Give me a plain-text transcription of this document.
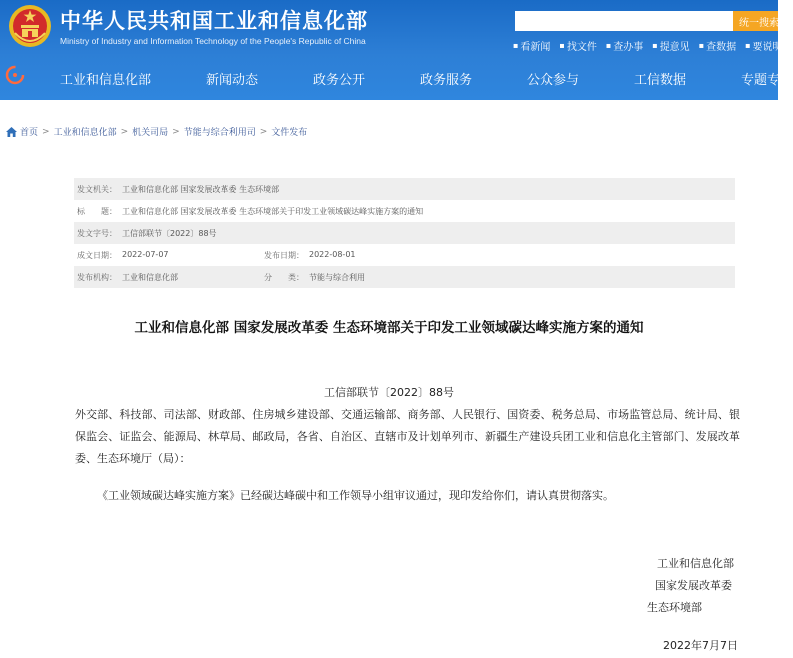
中华人民共和国工业和信息化部
Ministry of Industry and Information Technology of the People's Republic of China
统一搜索
▪ 看新闻 ▪ 找文件 ▪ 查办事 ▪ 提意见 ▪ 查数据 ▪ 要说明
工业和信息化部	新闻动态	政务公开	政务服务	公众参与	工信数据	专题专栏
首页 > 工业和信息化部 > 机关司局 > 节能与综合利用司 > 文件发布
发文机关： 工业和信息化部 国家发展改革委 生态环境部
标　　题： 工业和信息化部 国家发展改革委 生态环境部关于印发工业领域碳达峰实施方案的通知
发文字号： 工信部联节〔2022〕88号
成文日期： 2022-07-07	发布日期： 2022-08-01
发布机构： 工业和信息化部	分　　类： 节能与综合利用
工业和信息化部 国家发展改革委 生态环境部关于印发工业领域碳达峰实施方案的通知
工信部联节〔2022〕88号
外交部、科技部、司法部、财政部、住房城乡建设部、交通运输部、商务部、人民银行、国资委、税务总局、市场监管总局、统计局、银保监会、证监会、能源局、林草局、邮政局，各省、自治区、直辖市及计划单列市、新疆生产建设兵团工业和信息化主管部门、发展改革委、生态环境厅（局）：
《工业领域碳达峰实施方案》已经碳达峰碳中和工作领导小组审议通过，现印发给你们，请认真贯彻落实。
工业和信息化部
国家发展改革委
生态环境部
2022年7月7日
